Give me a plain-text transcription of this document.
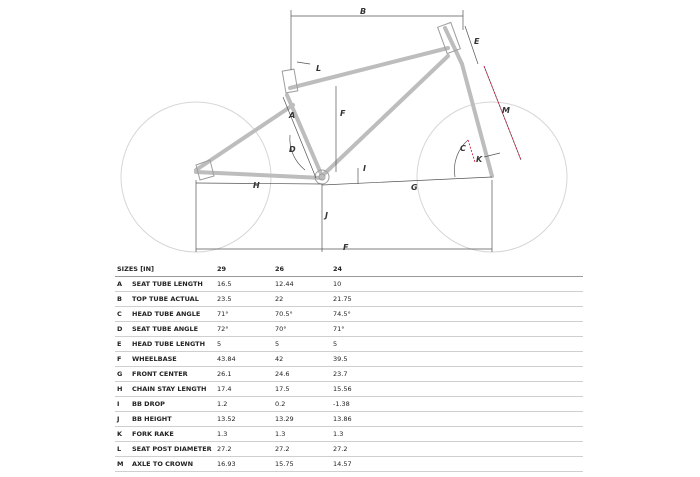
B
L
E
A	F	M
D	C
K
I
H	G
J
F
SIZES [IN]		29	26	24
A	SEAT TUBE LENGTH	16.5	12.44	10
B	TOP TUBE ACTUAL	23.5	22	21.75
C	HEAD TUBE ANGLE	71°	70.5°	74.5°
D	SEAT TUBE ANGLE	72°	70°	71°
E	HEAD TUBE LENGTH	5	5	5
F	WHEELBASE	43.84	42	39.5
G	FRONT CENTER	26.1	24.6	23.7
H	CHAIN STAY LENGTH	17.4	17.5	15.56
I	BB DROP	1.2	0.2	-1.38
J	BB HEIGHT	13.52	13.29	13.86
K	FORK RAKE	1.3	1.3	1.3
L	SEAT POST DIAMETER	27.2	27.2	27.2
M	AXLE TO CROWN	16.93	15.75	14.57
